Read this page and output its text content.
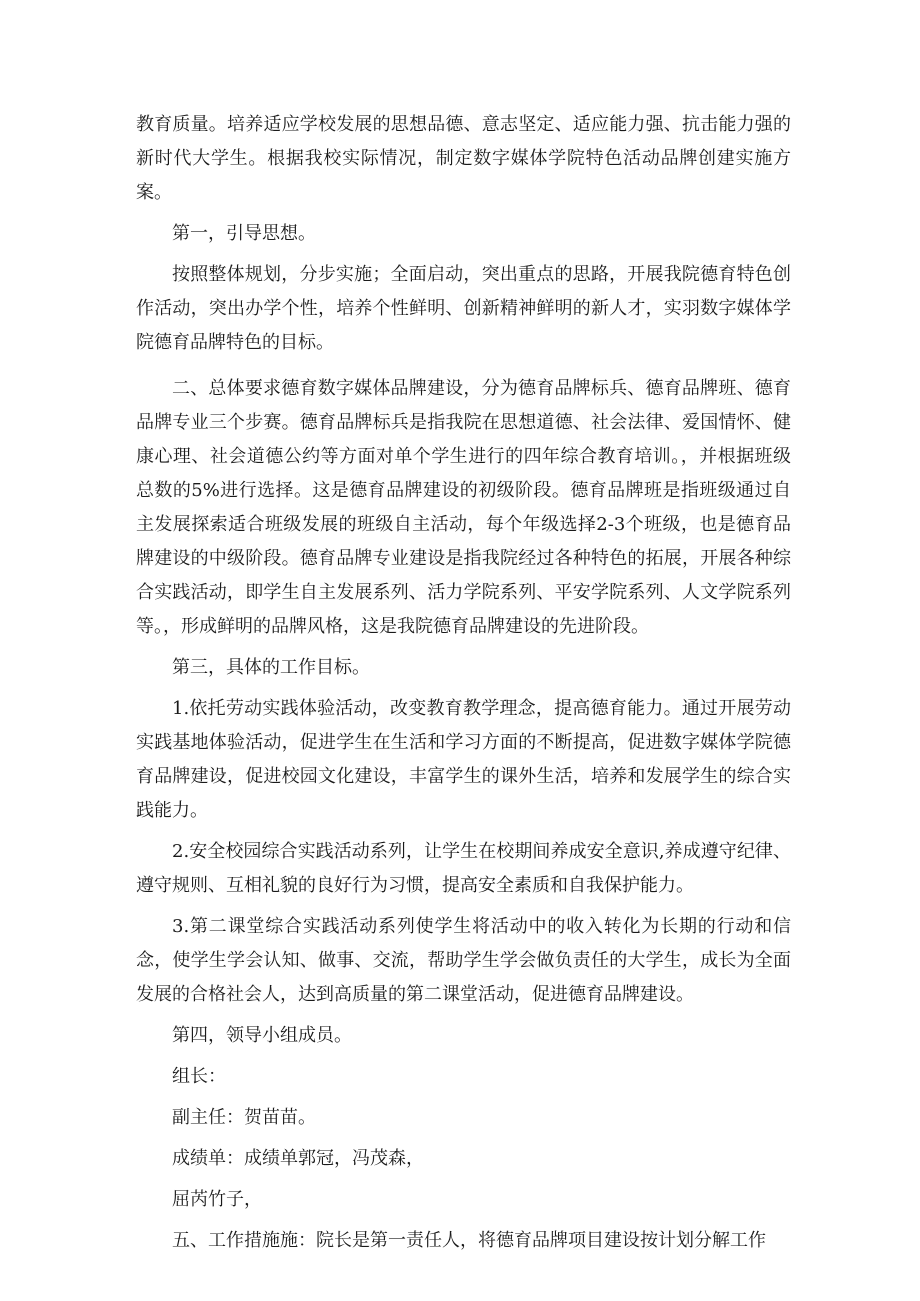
教育质量。培养适应学校发展的思想品德、意志坚定、适应能力强、抗击能力强的新时代大学生。根据我校实际情况，制定数字媒体学院特色活动品牌创建实施方案。

第一，引导思想。

按照整体规划，分步实施；全面启动，突出重点的思路，开展我院德育特色创作活动，突出办学个性，培养个性鲜明、创新精神鲜明的新人才，实羽数字媒体学院德育品牌特色的目标。

二、总体要求德育数字媒体品牌建设，分为德育品牌标兵、德育品牌班、德育品牌专业三个步赛。德育品牌标兵是指我院在思想道德、社会法律、爱国情怀、健康心理、社会道德公约等方面对单个学生进行的四年综合教育培训。，并根据班级总数的5%进行选择。这是德育品牌建设的初级阶段。德育品牌班是指班级通过自主发展探索适合班级发展的班级自主活动，每个年级选择2-3个班级，也是德育品牌建设的中级阶段。德育品牌专业建设是指我院经过各种特色的拓展，开展各种综合实践活动，即学生自主发展系列、活力学院系列、平安学院系列、人文学院系列等。，形成鲜明的品牌风格，这是我院德育品牌建设的先进阶段。

第三，具体的工作目标。

1.依托劳动实践体验活动，改变教育教学理念，提高德育能力。通过开展劳动实践基地体验活动，促进学生在生活和学习方面的不断提高，促进数字媒体学院德育品牌建设，促进校园文化建设，丰富学生的课外生活，培养和发展学生的综合实践能力。

2.安全校园综合实践活动系列，让学生在校期间养成安全意识,养成遵守纪律、遵守规则、互相礼貌的良好行为习惯，提高安全素质和自我保护能力。

3.第二课堂综合实践活动系列使学生将活动中的收入转化为长期的行动和信念，使学生学会认知、做事、交流，帮助学生学会做负责任的大学生，成长为全面发展的合格社会人，达到高质量的第二课堂活动，促进德育品牌建设。

第四，领导小组成员。

组长：

副主任：贺苗苗。

成绩单：成绩单郭冠，冯茂森，

屈芮竹子，

五、工作措施施：院长是第一责任人，将德育品牌项目建设按计划分解工作
